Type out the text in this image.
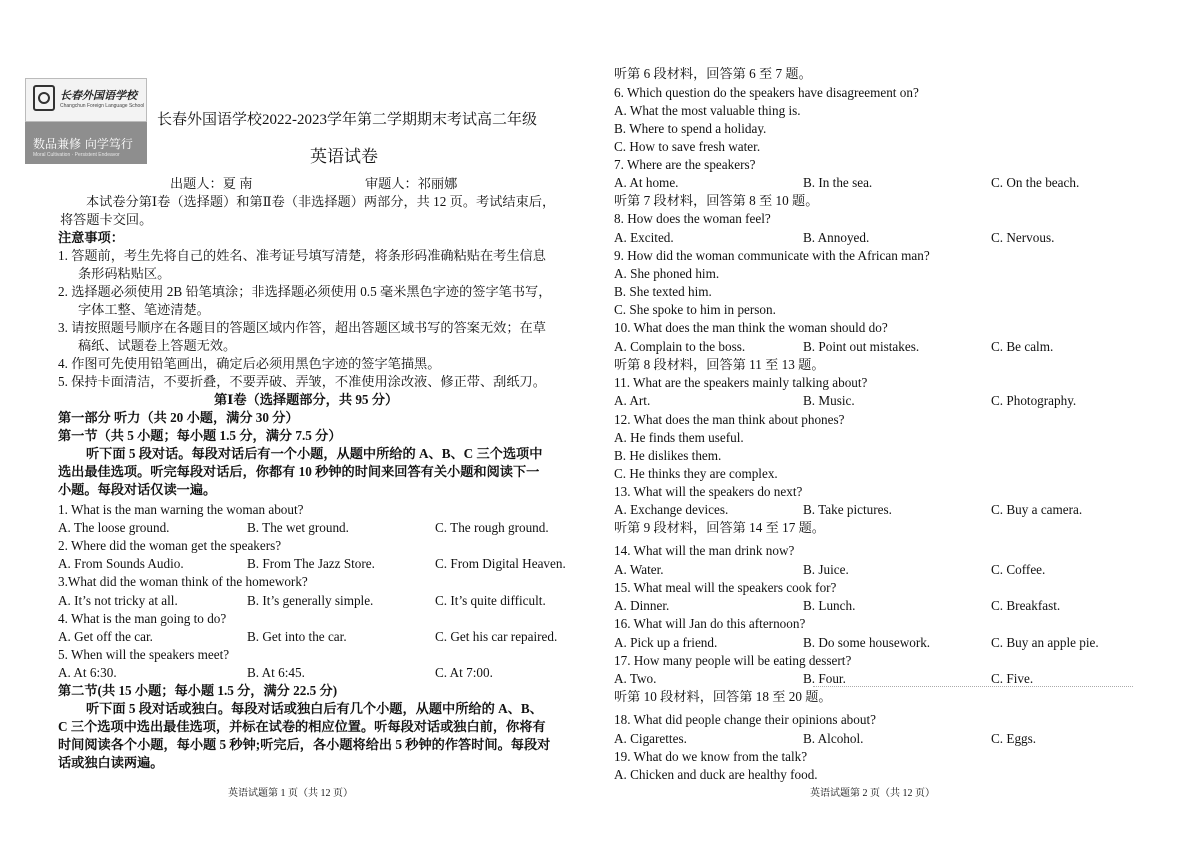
长春外国语学校
Changchun Foreign Language School
数品兼修 向学笃行
Moral Cultivation · Persistent Endeavor
长春外国语学校2022-2023学年第二学期期末考试高二年级
英语试卷
出题人：夏 南	审题人：祁丽娜
本试卷分第Ⅰ卷（选择题）和第Ⅱ卷（非选择题）两部分，共 12 页。考试结束后，
将答题卡交回。
注意事项：
1. 答题前，考生先将自己的姓名、准考证号填写清楚，将条形码准确粘贴在考生信息
条形码粘贴区。
2. 选择题必须使用 2B 铅笔填涂；非选择题必须使用 0.5 毫米黑色字迹的签字笔书写，
字体工整、笔迹清楚。
3. 请按照题号顺序在各题目的答题区域内作答，超出答题区域书写的答案无效；在草
稿纸、试题卷上答题无效。
4. 作图可先使用铅笔画出，确定后必须用黑色字迹的签字笔描黑。
5. 保持卡面清洁，不要折叠，不要弄破、弄皱，不准使用涂改液、修正带、刮纸刀。
第Ⅰ卷（选择题部分，共 95 分）
第一部分 听力（共 20 小题，满分 30 分）
第一节（共 5 小题；每小题 1.5 分，满分 7.5 分）
听下面 5 段对话。每段对话后有一个小题，从题中所给的 A、B、C 三个选项中
选出最佳选项。听完每段对话后，你都有 10 秒钟的时间来回答有关小题和阅读下一
小题。每段对话仅读一遍。
1. What is the man warning the woman about?
A. The loose ground.	B. The wet ground.	C. The rough ground.
2. Where did the woman get the speakers?
A. From Sounds Audio.	B. From The Jazz Store.	C. From Digital Heaven.
3.What did the woman think of the homework?
A. It’s not tricky at all.	B. It’s generally simple.	C. It’s quite difficult.
4. What is the man going to do?
A. Get off the car.	B. Get into the car.	C. Get his car repaired.
5. When will the speakers meet?
A. At 6:30.	B. At 6:45.	C. At 7:00.
第二节(共 15 小题；每小题 1.5 分，满分 22.5 分)
听下面 5 段对话或独白。每段对话或独白后有几个小题，从题中所给的 A、B、
C 三个选项中选出最佳选项，并标在试卷的相应位置。听每段对话或独白前，你将有
时间阅读各个小题，每小题 5 秒钟;听完后，各小题将给出 5 秒钟的作答时间。每段对
话或独白读两遍。
英语试题第 1 页（共 12 页）
听第 6 段材料，回答第 6 至 7 题。
6. Which question do the speakers have disagreement on?
A. What the most valuable thing is.
B. Where to spend a holiday.
C. How to save fresh water.
7. Where are the speakers?
A. At home.	B. In the sea.	C. On the beach.
听第 7 段材料，回答第 8 至 10 题。
8. How does the woman feel?
A. Excited.	B. Annoyed.	C. Nervous.
9. How did the woman communicate with the African man?
A. She phoned him.
B. She texted him.
C. She spoke to him in person.
10. What does the man think the woman should do?
A. Complain to the boss.	B. Point out mistakes.	C. Be calm.
听第 8 段材料，回答第 11 至 13 题。
11. What are the speakers mainly talking about?
A. Art.	B. Music.	C. Photography.
12. What does the man think about phones?
A. He finds them useful.
B. He dislikes them.
C. He thinks they are complex.
13. What will the speakers do next?
A. Exchange devices.	B. Take pictures.	C. Buy a camera.
听第 9 段材料，回答第 14 至 17 题。
14. What will the man drink now?
A. Water.	B. Juice.	C. Coffee.
15. What meal will the speakers cook for?
A. Dinner.	B. Lunch.	C. Breakfast.
16. What will Jan do this afternoon?
A. Pick up a friend.	B. Do some housework.	C. Buy an apple pie.
17. How many people will be eating dessert?
A. Two.	B. Four.	C. Five.
听第 10 段材料，回答第 18 至 20 题。
18. What did people change their opinions about?
A. Cigarettes.	B. Alcohol.	C. Eggs.
19. What do we know from the talk?
A. Chicken and duck are healthy food.
英语试题第 2 页（共 12 页）
